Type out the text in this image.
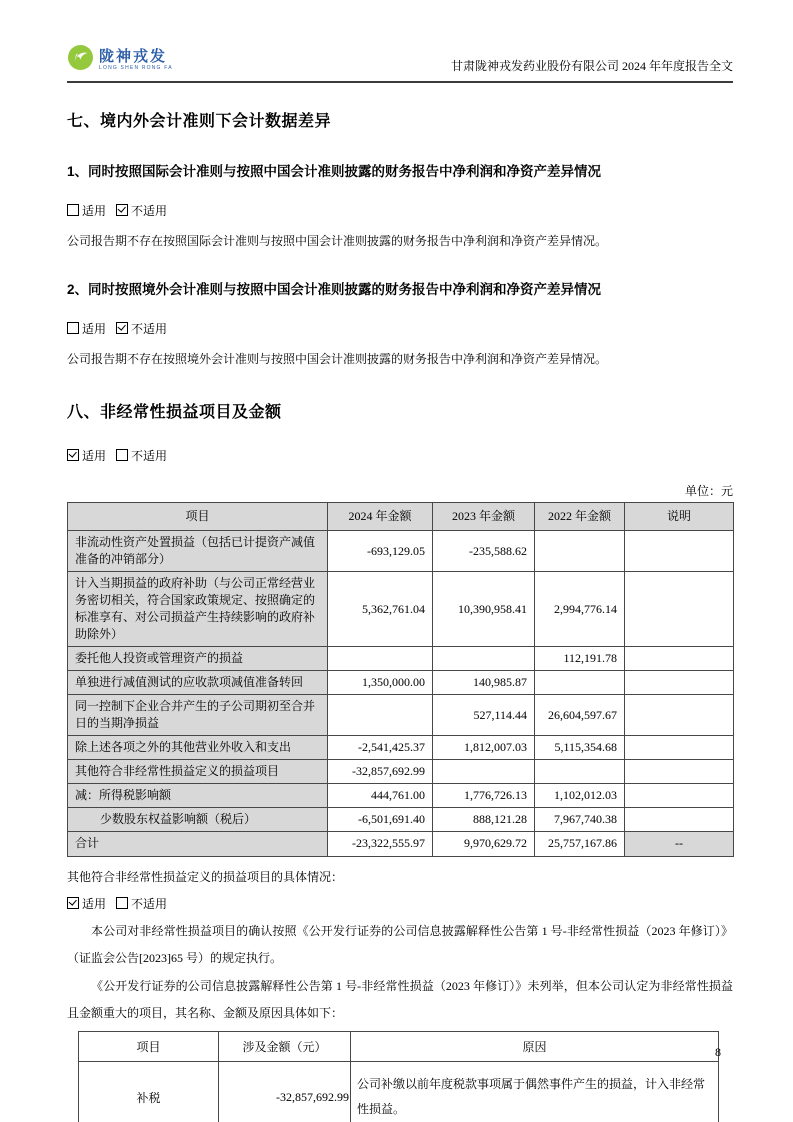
陇神戎发
LONG SHEN RONG FA	甘肃陇神戎发药业股份有限公司 2024 年年度报告全文
七、境内外会计准则下会计数据差异
1、同时按照国际会计准则与按照中国会计准则披露的财务报告中净利润和净资产差异情况
适用 不适用
公司报告期不存在按照国际会计准则与按照中国会计准则披露的财务报告中净利润和净资产差异情况。
2、同时按照境外会计准则与按照中国会计准则披露的财务报告中净利润和净资产差异情况
适用 不适用
公司报告期不存在按照境外会计准则与按照中国会计准则披露的财务报告中净利润和净资产差异情况。
八、非经常性损益项目及金额
适用 不适用
单位：元
项目	2024 年金额	2023 年金额	2022 年金额	说明
非流动性资产处置损益（包括已计提资产减值准备的冲销部分）	-693,129.05	-235,588.62		
计入当期损益的政府补助（与公司正常经营业务密切相关，符合国家政策规定、按照确定的标准享有、对公司损益产生持续影响的政府补助除外）	5,362,761.04	10,390,958.41	2,994,776.14	
委托他人投资或管理资产的损益			112,191.78	
单独进行减值测试的应收款项减值准备转回	1,350,000.00	140,985.87		
同一控制下企业合并产生的子公司期初至合并日的当期净损益		527,114.44	26,604,597.67	
除上述各项之外的其他营业外收入和支出	-2,541,425.37	1,812,007.03	5,115,354.68	
其他符合非经常性损益定义的损益项目	-32,857,692.99			
减：所得税影响额	444,761.00	1,776,726.13	1,102,012.03	
少数股东权益影响额（税后）	-6,501,691.40	888,121.28	7,967,740.38	
合计	-23,322,555.97	9,970,629.72	25,757,167.86	--
其他符合非经常性损益定义的损益项目的具体情况：
适用 不适用
本公司对非经常性损益项目的确认按照《公开发行证券的公司信息披露解释性公告第 1 号-非经常性损益（2023 年修订）》（证监会公告[2023]65 号）的规定执行。
《公开发行证券的公司信息披露解释性公告第 1 号-非经常性损益（2023 年修订）》未列举，但本公司认定为非经常性损益且金额重大的项目，其名称、金额及原因具体如下：
项目	涉及金额（元）	原因
补税	-32,857,692.99	公司补缴以前年度税款事项属于偶然事件产生的损益，计入非经常性损益。
8
